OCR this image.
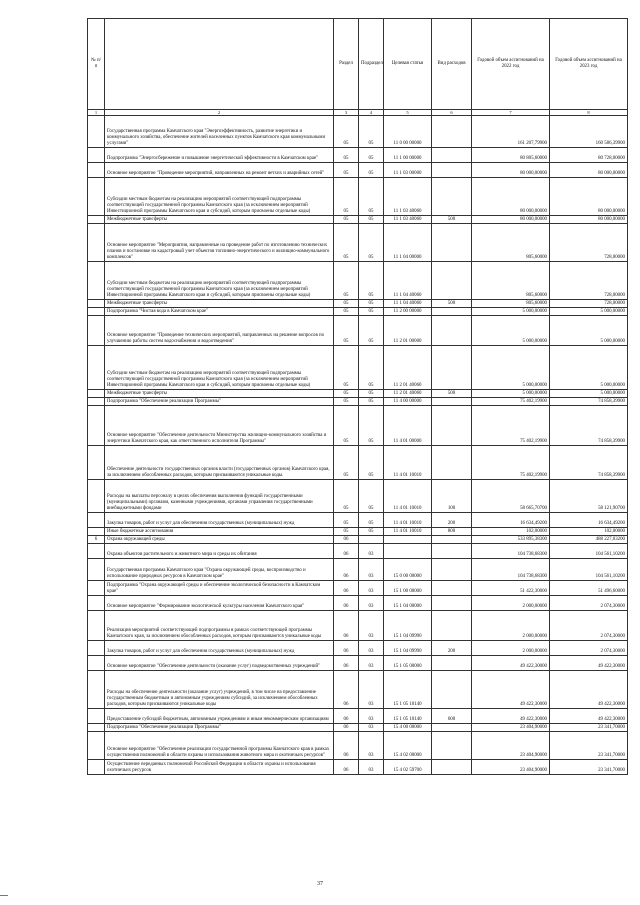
№ п/п		Раздел	Подраздел	Целевая статья	Вид расходов	Годовой объем ассигнований на 2022 год	Годовой объем ассигнований на 2023 год
1	2	3	4	5	6	7	8
	Государственная программа Камчатского края "Энергоэффективность, развитие энергетики и коммунального хозяйства, обеспечение жителей населенных пунктов Камчатского края коммунальными услугами"	05	05	11 0 00 00000		161 207,79900	160 586,39900
	Подпрограмма "Энергосбережение и повышение энергетической эффективности в Камчатском крае"	05	05	11 1 00 00000		80 805,60000	80 728,00000
	Основное мероприятие "Проведение мероприятий, направленных на ремонт ветхих и аварийных сетей"	05	05	11 1 03 00000		80 000,00000	80 000,00000
	Субсидии местным бюджетам на реализацию мероприятий соответствующей подпрограммы соответствующей государственной программы Камчатского края (за исключением мероприятий Инвестиционной программы Камчатского края и субсидий, которым присвоены отдельные коды)	05	05	11 1 03 40060		80 000,00000	80 000,00000
	Межбюджетные трансферты	05	05	11 1 03 40060	500	80 000,00000	80 000,00000
	Основное мероприятие "Мероприятия, направленные на проведение работ по изготовлению технических планов и постановке на кадастровый учет объектов топливно-энергетического и жилищно-коммунального комплексов"	05	05	11 1 04 00000		805,60000	728,00000
	Субсидии местным бюджетам на реализацию мероприятий соответствующей подпрограммы соответствующей государственной программы Камчатского края (за исключением мероприятий Инвестиционной программы Камчатского края и субсидий, которым присвоены отдельные коды)	05	05	11 1 04 40060		805,60000	728,00000
	Межбюджетные трансферты	05	05	11 1 04 40060	500	805,60000	728,00000
	Подпрограмма "Чистая вода в Камчатском крае"	05	05	11 2 00 00000		5 000,00000	5 000,00000
	Основное мероприятие "Проведение технических мероприятий, направленных на решение вопросов по улучшению работы систем водоснабжения и водоотведения"	05	05	11 2 01 00000		5 000,00000	5 000,00000
	Субсидии местным бюджетам на реализацию мероприятий соответствующей подпрограммы соответствующей государственной программы Камчатского края (за исключением мероприятий Инвестиционной программы Камчатского края и субсидий, которым присвоены отдельные коды)	05	05	11 2 01 40060		5 000,00000	5 000,00000
	Межбюджетные трансферты	05	05	11 2 01 40060	500	5 000,00000	5 000,00000
	Подпрограмма "Обеспечение реализации Программы"	05	05	11 4 00 00000		75 402,19900	74 858,39900
	Основное мероприятие "Обеспечение деятельности Министерства жилищно-коммунального хозяйства и энергетики Камчатского края, как ответственного исполнителя Программы"	05	05	11 4 01 00000		75 402,19900	74 858,39900
	Обеспечение деятельности государственных органов власти (государственных органов) Камчатского края, за исключением обособленных расходов, которым присваиваются уникальные коды.	05	05	11 4 01 10010		75 402,19900	74 858,39900
	Расходы на выплаты персоналу в целях обеспечения выполнения функций государственными (муниципальными) органами, казенными учреждениями, органами управления государственными внебюджетными фондами	05	05	11 4 01 10010	100	58 665,70700	58 121,90700
	Закупка товаров, работ и услуг для обеспечения государственных (муниципальных) нужд	05	05	11 4 01 10010	200	16 634,49200	16 634,49200
	Иные бюджетные ассигнования	05	05	11 4 01 10010	800	102,00000	102,00000
6	Охрана окружающей среды	06				533 895,38300	488 227,03200
	Охрана объектов растительного и животного мира и среды их обитания	06	03			104 738,68300	104 561,10200
	Государственная программа Камчатского края "Охрана окружающей среды, воспроизводство и использование природных ресурсов в Камчатском крае"	06	03	15 0 00 00000		104 738,68300	104 561,10200
	Подпрограмма "Охрана окружающей среды и обеспечение экологической безопасности в Камчатском крае"	06	03	15 1 00 00000		51 422,30000	51 496,60000
	Основное мероприятие "Формирование экологической культуры населения Камчатского края"	06	03	15 1 04 00000		2 000,00000	2 074,30000
	Реализация мероприятий соответствующей подпрограммы в рамках соответствующей программы Камчатского края, за исключением обособленных расходов, которым присваиваются уникальные коды	06	03	15 1 04 09990		2 000,00000	2 074,30000
	Закупка товаров, работ и услуг для обеспечения государственных (муниципальных) нужд	06	03	15 1 04 09990	200	2 000,00000	2 074,30000
	Основное мероприятие "Обеспечение деятельности (оказание услуг) подведомственных учреждений"	06	03	15 1 05 00000		49 422,30000	49 422,30000
	Расходы на обеспечение деятельности (оказание услуг) учреждений, в том числе на предоставление государственным бюджетным и автономным учреждениям субсидий, за исключением обособленных расходов, которым присваиваются уникальные коды	06	03	15 1 05 10140		49 422,30000	49 422,30000
	Предоставление субсидий бюджетным, автономным учреждениям и иным некоммерческим организациям	06	03	15 1 05 10140	600	49 422,30000	49 422,30000
	Подпрограмма "Обеспечение реализации Программы"	06	03	15 4 00 00000		23 404,90000	23 341,70000
	Основное мероприятие "Обеспечение реализации государственной программы Камчатского края в рамках осуществления полномочий в области охраны и использования животного мира и охотничьих ресурсов"	06	03	15 4 02 00000		23 404,90000	23 341,70000
	Осуществление переданных полномочий Российской Федерации в области охраны и использования охотничьих ресурсов	06	03	15 4 02 59700		23 404,90000	23 341,70000
37
